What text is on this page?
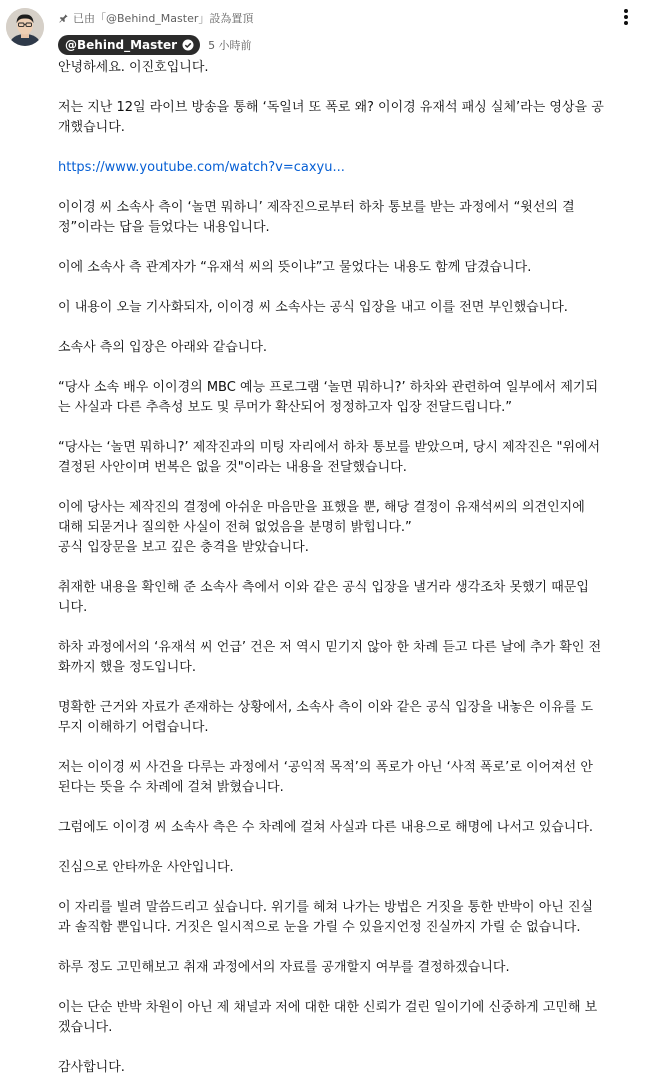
已由「@Behind_Master」設為置頂
@Behind_Master	5 小時前
안녕하세요. 이진호입니다.
저는 지난 12일 라이브 방송을 통해 ‘독일녀 또 폭로 왜? 이이경 유재석 패싱 실체’라는 영상을 공
개했습니다.
https://www.youtube.com/watch?v=caxyu...
이이경 씨 소속사 측이 ‘놀면 뭐하니’ 제작진으로부터 하차 통보를 받는 과정에서 “윗선의 결
정”이라는 답을 들었다는 내용입니다.
이에 소속사 측 관계자가 “유재석 씨의 뜻이냐”고 물었다는 내용도 함께 담겼습니다.
이 내용이 오늘 기사화되자, 이이경 씨 소속사는 공식 입장을 내고 이를 전면 부인했습니다.
소속사 측의 입장은 아래와 같습니다.
“당사 소속 배우 이이경의 MBC 예능 프로그램 ‘놀면 뭐하니?’ 하차와 관련하여 일부에서 제기되
는 사실과 다른 추측성 보도 및 루머가 확산되어 정정하고자 입장 전달드립니다.”
“당사는 ‘놀면 뭐하니?’ 제작진과의 미팅 자리에서 하차 통보를 받았으며, 당시 제작진은 "위에서
결정된 사안이며 번복은 없을 것"이라는 내용을 전달했습니다.
이에 당사는 제작진의 결정에 아쉬운 마음만을 표했을 뿐, 해당 결정이 유재석씨의 의견인지에
대해 되묻거나 질의한 사실이 전혀 없었음을 분명히 밝힙니다.”
공식 입장문을 보고 깊은 충격을 받았습니다.
취재한 내용을 확인해 준 소속사 측에서 이와 같은 공식 입장을 낼거라 생각조차 못했기 때문입
니다.
하차 과정에서의 ‘유재석 씨 언급’ 건은 저 역시 믿기지 않아 한 차례 듣고 다른 날에 추가 확인 전
화까지 했을 정도입니다.
명확한 근거와 자료가 존재하는 상황에서, 소속사 측이 이와 같은 공식 입장을 내놓은 이유를 도
무지 이해하기 어렵습니다.
저는 이이경 씨 사건을 다루는 과정에서 ‘공익적 목적’의 폭로가 아닌 ‘사적 폭로’로 이어져선 안
된다는 뜻을 수 차례에 걸쳐 밝혔습니다.
그럼에도 이이경 씨 소속사 측은 수 차례에 걸쳐 사실과 다른 내용으로 해명에 나서고 있습니다.
진심으로 안타까운 사안입니다.
이 자리를 빌려 말씀드리고 싶습니다. 위기를 헤쳐 나가는 방법은 거짓을 통한 반박이 아닌 진실
과 솔직함 뿐입니다. 거짓은 일시적으로 눈을 가릴 수 있을지언정 진실까지 가릴 순 없습니다.
하루 정도 고민해보고 취재 과정에서의 자료를 공개할지 여부를 결정하겠습니다.
이는 단순 반박 차원이 아닌 제 채널과 저에 대한 대한 신뢰가 걸린 일이기에 신중하게 고민해 보
겠습니다.
감사합니다.
